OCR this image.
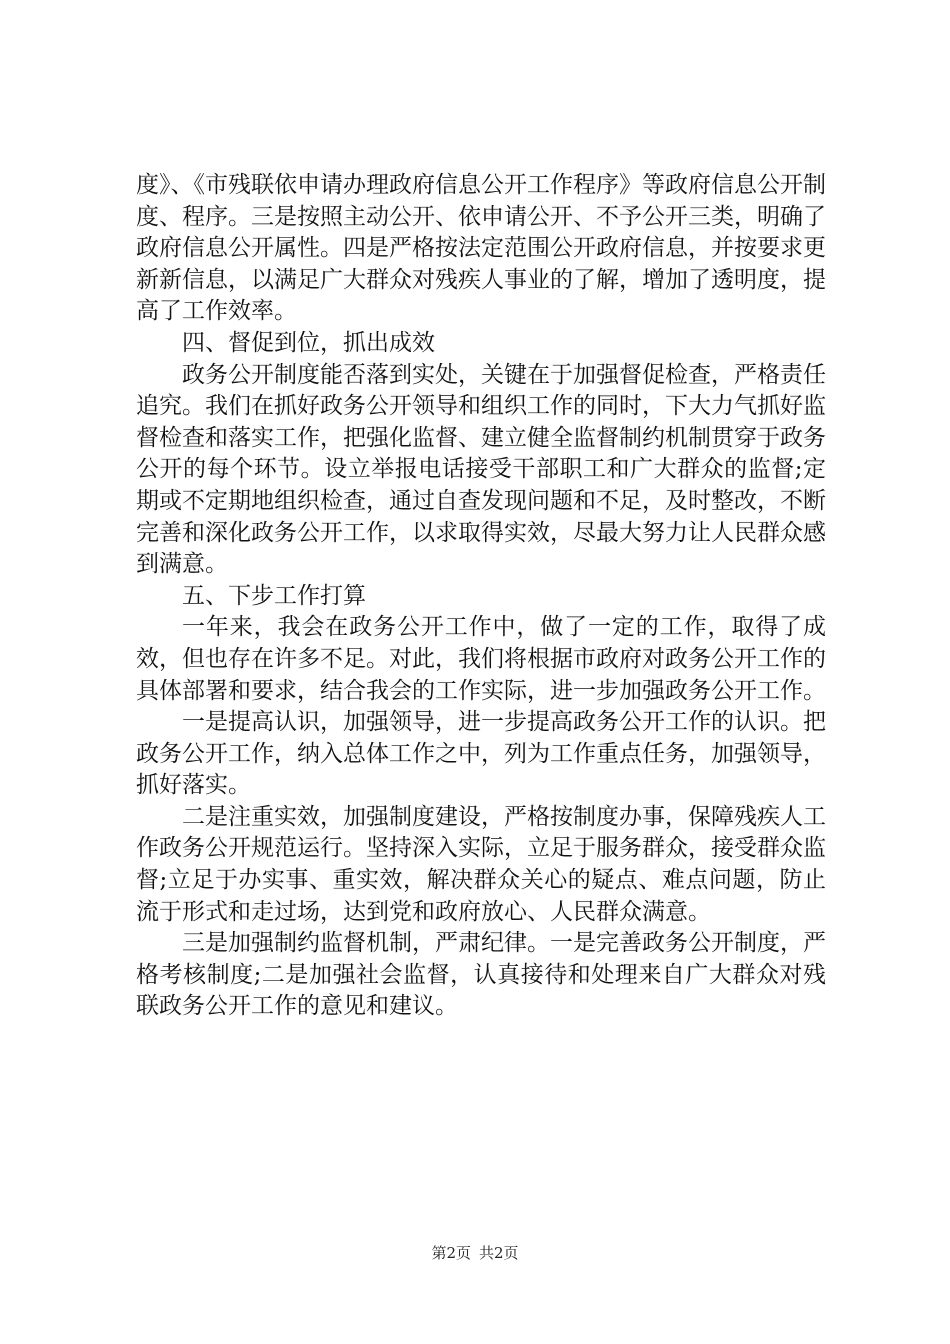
度》、《市残联依申请办理政府信息公开工作程序》等政府信息公开制度、程序。三是按照主动公开、依申请公开、不予公开三类，明确了政府信息公开属性。四是严格按法定范围公开政府信息，并按要求更新新信息，以满足广大群众对残疾人事业的了解，增加了透明度，提高了工作效率。

四、督促到位，抓出成效

政务公开制度能否落到实处，关键在于加强督促检查，严格责任追究。我们在抓好政务公开领导和组织工作的同时，下大力气抓好监督检查和落实工作，把强化监督、建立健全监督制约机制贯穿于政务公开的每个环节。设立举报电话接受干部职工和广大群众的监督;定期或不定期地组织检查，通过自查发现问题和不足，及时整改，不断完善和深化政务公开工作，以求取得实效，尽最大努力让人民群众感到满意。

五、下步工作打算

一年来，我会在政务公开工作中，做了一定的工作，取得了成效，但也存在许多不足。对此，我们将根据市政府对政务公开工作的具体部署和要求，结合我会的工作实际，进一步加强政务公开工作。

一是提高认识，加强领导，进一步提高政务公开工作的认识。把政务公开工作，纳入总体工作之中，列为工作重点任务，加强领导，抓好落实。

二是注重实效，加强制度建设，严格按制度办事，保障残疾人工作政务公开规范运行。坚持深入实际，立足于服务群众，接受群众监督;立足于办实事、重实效，解决群众关心的疑点、难点问题，防止流于形式和走过场，达到党和政府放心、人民群众满意。

三是加强制约监督机制，严肃纪律。一是完善政务公开制度，严格考核制度;二是加强社会监督，认真接待和处理来自广大群众对残联政务公开工作的意见和建议。

第2页 共2页
